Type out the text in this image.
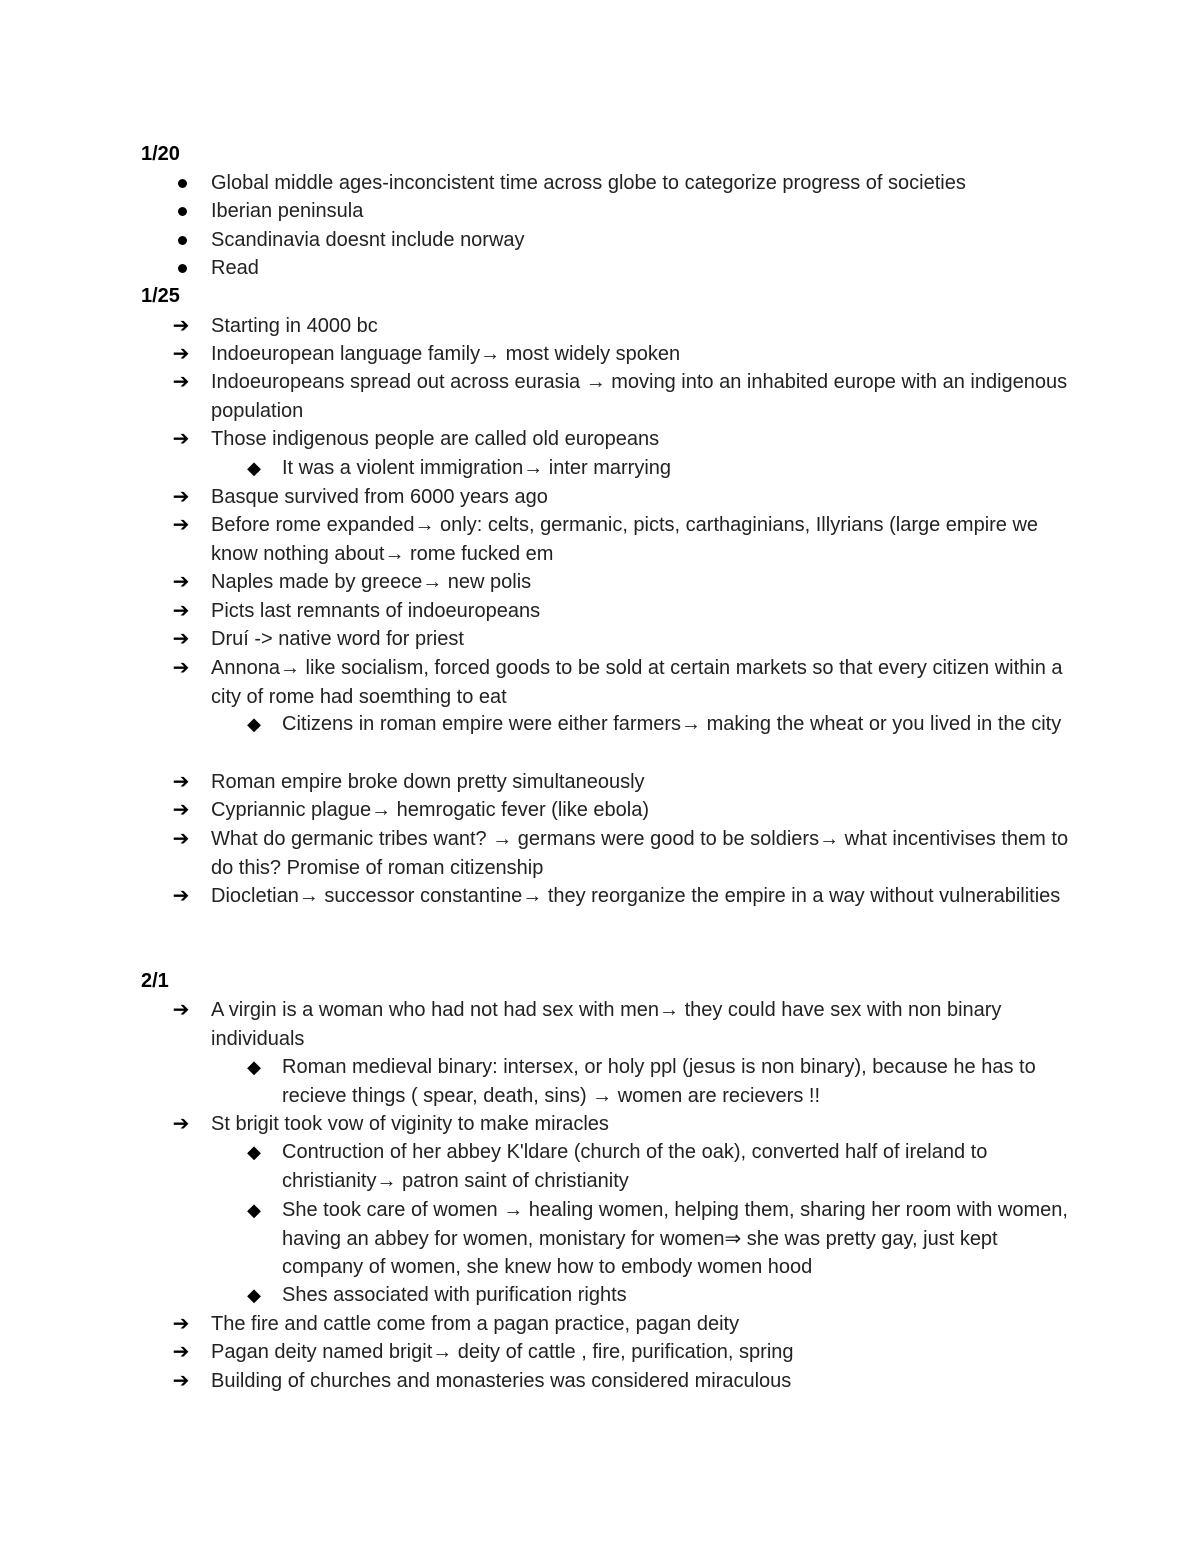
1/20
Global middle ages-inconcistent time across globe to categorize progress of societies
Iberian peninsula
Scandinavia doesnt include norway
Read
1/25
➔ Starting in 4000 bc
➔ Indoeuropean language family→ most widely spoken
➔ Indoeuropeans spread out across eurasia → moving into an inhabited europe with an indigenous population
➔ Those indigenous people are called old europeans
◆ It was a violent immigration→ inter marrying
➔ Basque survived from 6000 years ago
➔ Before rome expanded→ only: celts, germanic, picts, carthaginians, Illyrians (large empire we know nothing about→ rome fucked em
➔ Naples made by greece→ new polis
➔ Picts last remnants of indoeuropeans
➔ Druí -> native word for priest
➔ Annona→ like socialism, forced goods to be sold at certain markets so that every citizen within a city of rome had soemthing to eat
◆ Citizens in roman empire were either farmers→ making the wheat or you lived in the city
➔ Roman empire broke down pretty simultaneously
➔ Cypriannic plague→ hemrogatic fever (like ebola)
➔ What do germanic tribes want? → germans were good to be soldiers→ what incentivises them to do this? Promise of roman citizenship
➔ Diocletian→ successor constantine→ they reorganize the empire in a way without vulnerabilities
2/1
➔ A virgin is a woman who had not had sex with men→ they could have sex with non binary individuals
◆ Roman medieval binary: intersex, or holy ppl (jesus is non binary), because he has to recieve things ( spear, death, sins) → women are recievers !!
➔ St brigit took vow of viginity to make miracles
◆ Contruction of her abbey K'ldare (church of the oak), converted half of ireland to christianity→ patron saint of christianity
◆ She took care of women → healing women, helping them, sharing her room with women, having an abbey for women, monistary for women⇒ she was pretty gay, just kept company of women, she knew how to embody women hood
◆ Shes associated with purification rights
➔ The fire and cattle come from a pagan practice, pagan deity
➔ Pagan deity named brigit→ deity of cattle , fire, purification, spring
➔ Building of churches and monasteries was considered miraculous
